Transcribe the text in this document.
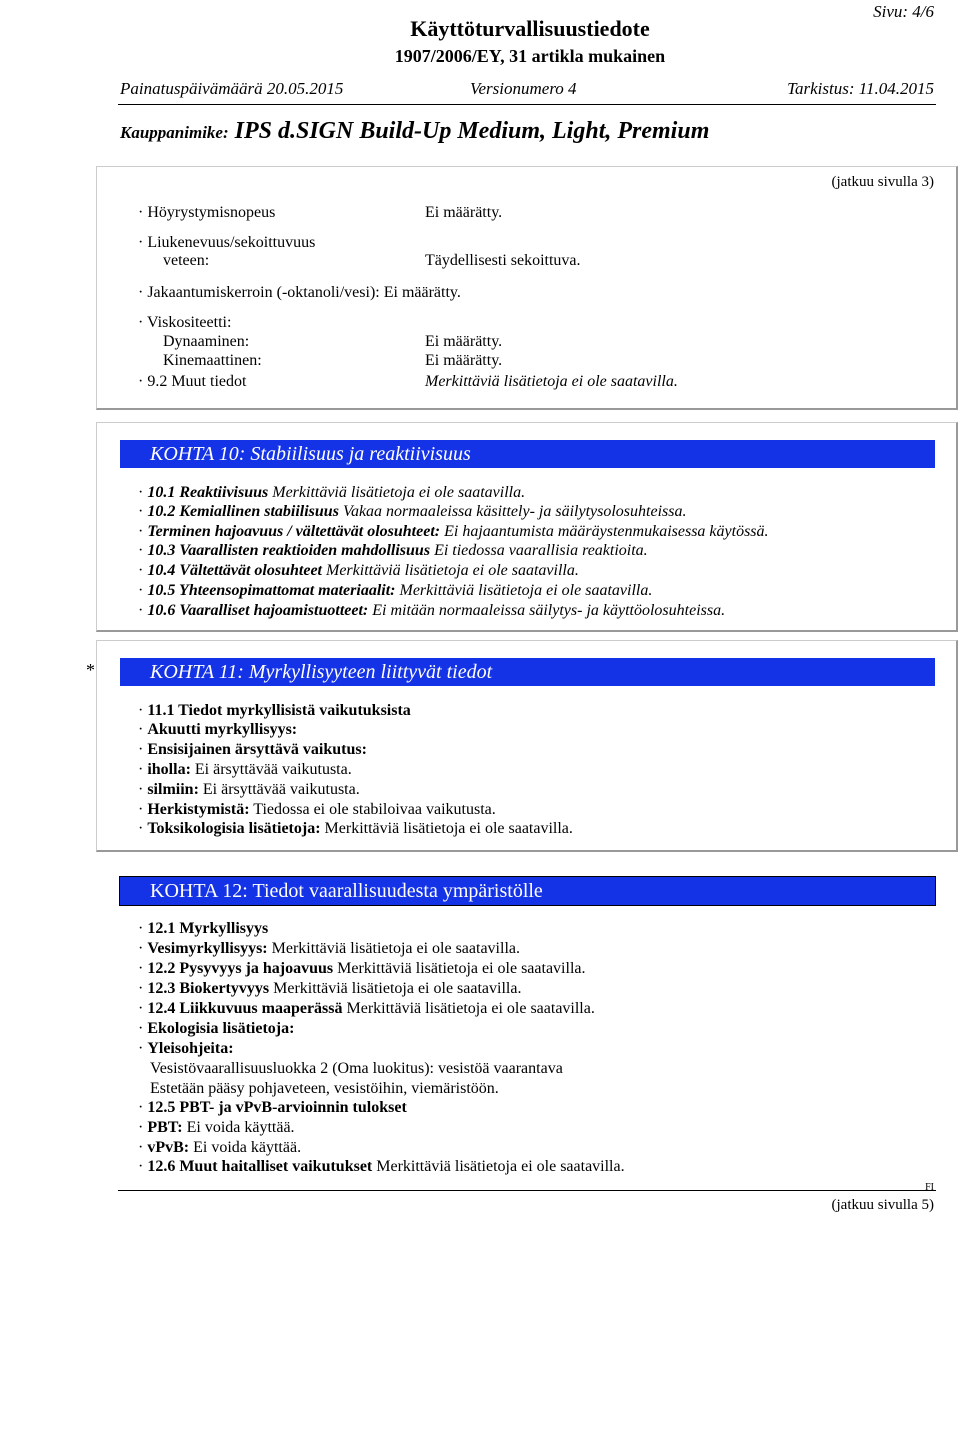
Sivu: 4/6
Käyttöturvallisuustiedote
1907/2006/EY, 31 artikla mukainen
Painatuspäivämäärä 20.05.2015	Versionumero 4	Tarkistus: 11.04.2015
Kauppanimike: IPS d.SIGN Build-Up Medium, Light, Premium
(jatkuu sivulla 3)
· Höyrystymisnopeus	Ei määrätty.
· Liukenevuus/sekoittuvuus
veteen:	Täydellisesti sekoittuva.
· Jakaantumiskerroin (-oktanoli/vesi): Ei määrätty.
· Viskositeetti:
Dynaaminen:	Ei määrätty.
Kinemaattinen:	Ei määrätty.
· 9.2 Muut tiedot	Merkittäviä lisätietoja ei ole saatavilla.
KOHTA 10: Stabiilisuus ja reaktiivisuus
· 10.1 Reaktiivisuus Merkittäviä lisätietoja ei ole saatavilla.
· 10.2 Kemiallinen stabiilisuus Vakaa normaaleissa käsittely- ja säilytysolosuhteissa.
· Terminen hajoavuus / vältettävät olosuhteet: Ei hajaantumista määräystenmukaisessa käytössä.
· 10.3 Vaarallisten reaktioiden mahdollisuus Ei tiedossa vaarallisia reaktioita.
· 10.4 Vältettävät olosuhteet Merkittäviä lisätietoja ei ole saatavilla.
· 10.5 Yhteensopimattomat materiaalit: Merkittäviä lisätietoja ei ole saatavilla.
· 10.6 Vaaralliset hajoamistuotteet: Ei mitään normaaleissa säilytys- ja käyttöolosuhteissa.
*	KOHTA 11: Myrkyllisyyteen liittyvät tiedot
· 11.1 Tiedot myrkyllisistä vaikutuksista
· Akuutti myrkyllisyys:
· Ensisijainen ärsyttävä vaikutus:
· iholla: Ei ärsyttävää vaikutusta.
· silmiin: Ei ärsyttävää vaikutusta.
· Herkistymistä: Tiedossa ei ole stabiloivaa vaikutusta.
· Toksikologisia lisätietoja: Merkittäviä lisätietoja ei ole saatavilla.
KOHTA 12: Tiedot vaarallisuudesta ympäristölle
· 12.1 Myrkyllisyys
· Vesimyrkyllisyys: Merkittäviä lisätietoja ei ole saatavilla.
· 12.2 Pysyvyys ja hajoavuus Merkittäviä lisätietoja ei ole saatavilla.
· 12.3 Biokertyvyys Merkittäviä lisätietoja ei ole saatavilla.
· 12.4 Liikkuvuus maaperässä Merkittäviä lisätietoja ei ole saatavilla.
· Ekologisia lisätietoja:
· Yleisohjeita:
Vesistövaarallisuusluokka 2 (Oma luokitus): vesistöä vaarantava
Estetään pääsy pohjaveteen, vesistöihin, viemäristöön.
· 12.5 PBT- ja vPvB-arvioinnin tulokset
· PBT: Ei voida käyttää.
· vPvB: Ei voida käyttää.
· 12.6 Muut haitalliset vaikutukset Merkittäviä lisätietoja ei ole saatavilla.
FI
(jatkuu sivulla 5)
